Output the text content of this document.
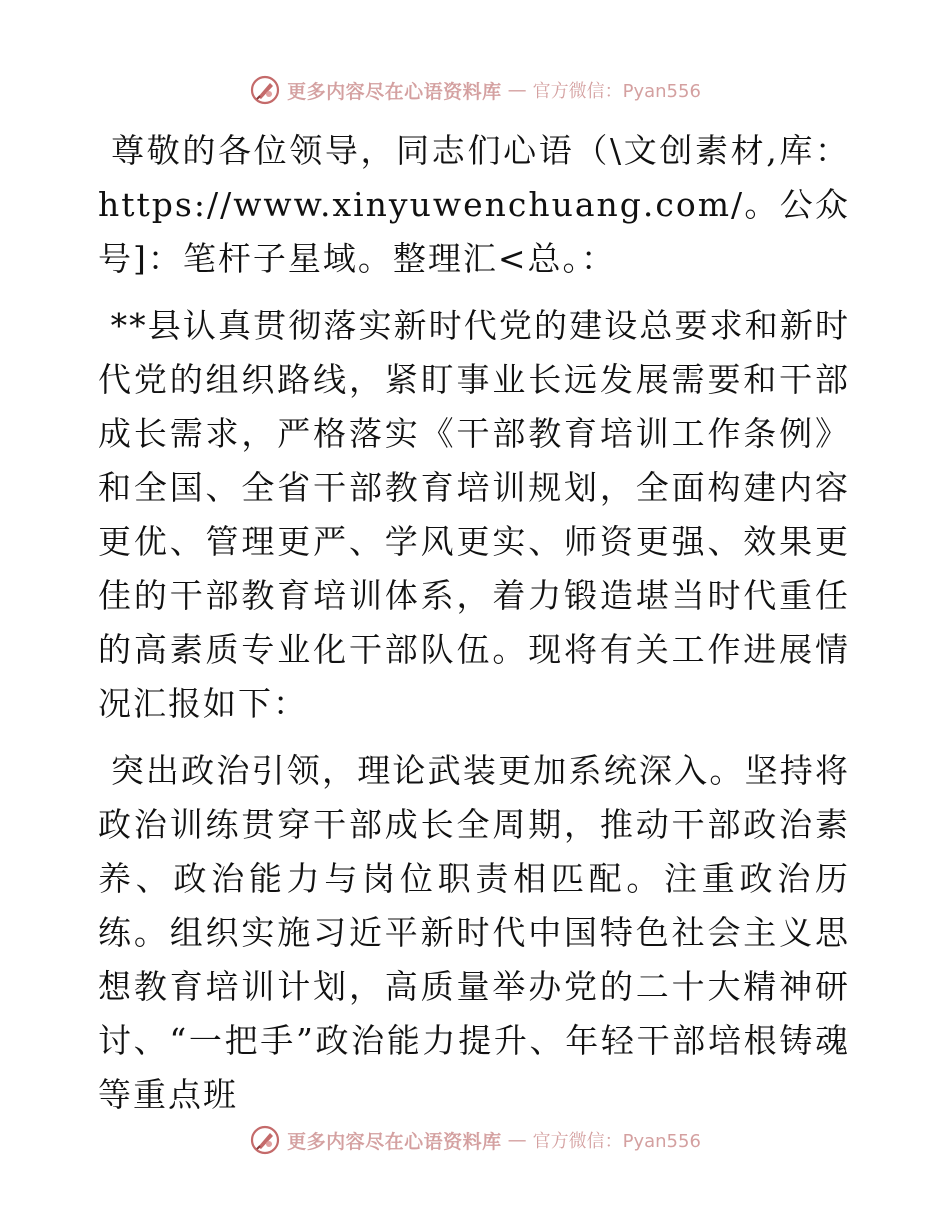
更多内容尽在心语资料库 — 官方微信：Pyan556

尊敬的各位领导，同志们心语（\文创素材,库：https://www.xinyuwenchuang.com/。公众号]：笔杆子星域。整理汇<总。：

**县认真贯彻落实新时代党的建设总要求和新时代党的组织路线，紧盯事业长远发展需要和干部成长需求，严格落实《干部教育培训工作条例》和全国、全省干部教育培训规划，全面构建内容更优、管理更严、学风更实、师资更强、效果更佳的干部教育培训体系，着力锻造堪当时代重任的高素质专业化干部队伍。现将有关工作进展情况汇报如下：

突出政治引领，理论武装更加系统深入。坚持将政治训练贯穿干部成长全周期，推动干部政治素养、政治能力与岗位职责相匹配。注重政治历练。组织实施习近平新时代中国特色社会主义思想教育培训计划，高质量举办党的二十大精神研讨、“一把手”政治能力提升、年轻干部培根铸魂等重点班

更多内容尽在心语资料库 — 官方微信：Pyan556
